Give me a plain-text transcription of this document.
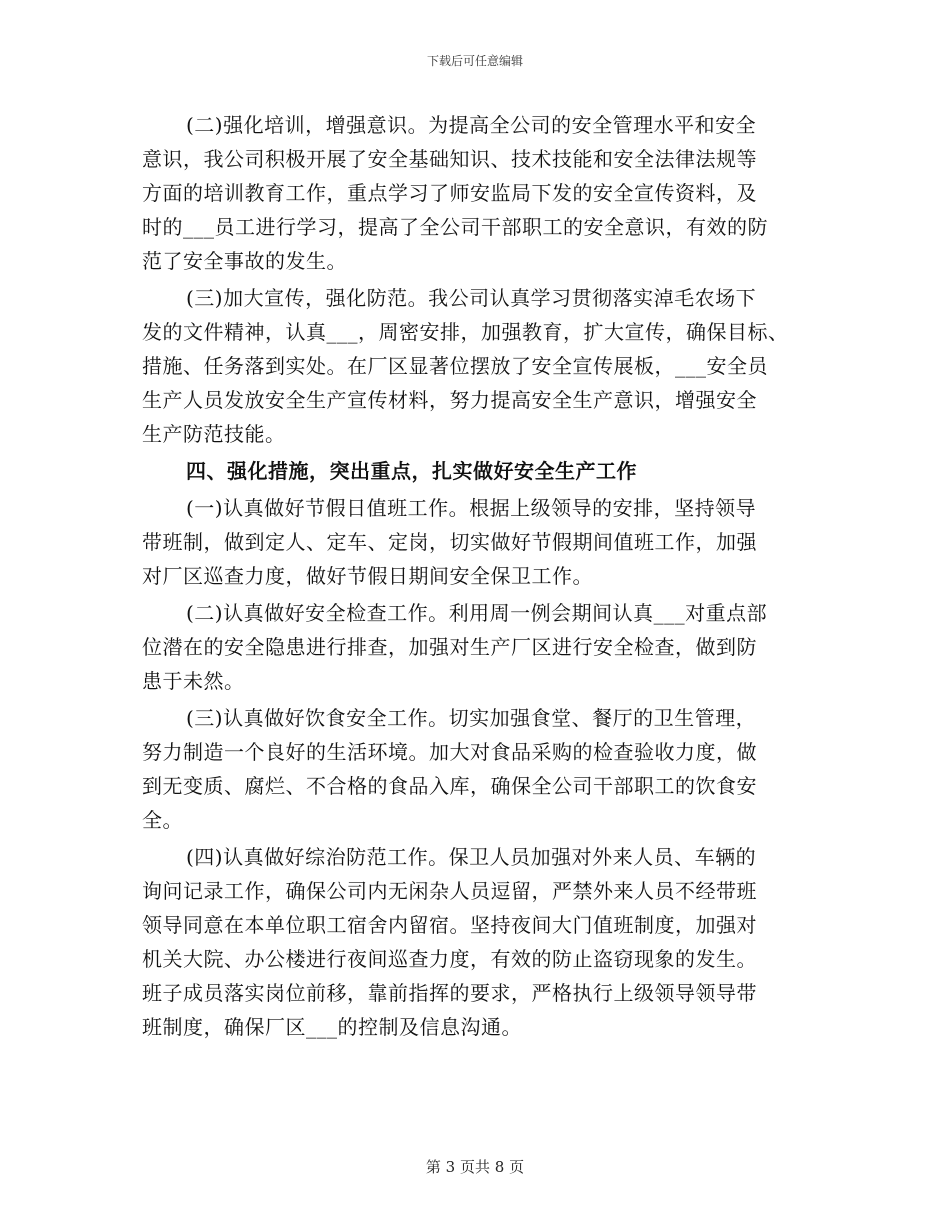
下载后可任意编辑
(二)强化培训，增强意识。为提高全公司的安全管理水平和安全
意识，我公司积极开展了安全基础知识、技术技能和安全法律法规等
方面的培训教育工作，重点学习了师安监局下发的安全宣传资料，及
时的___员工进行学习，提高了全公司干部职工的安全意识，有效的防
范了安全事故的发生。
(三)加大宣传，强化防范。我公司认真学习贯彻落实淖毛农场下
发的文件精神，认真___，周密安排，加强教育，扩大宣传，确保目标、
措施、任务落到实处。在厂区显著位摆放了安全宣传展板，___安全员
生产人员发放安全生产宣传材料，努力提高安全生产意识，增强安全
生产防范技能。
四、强化措施，突出重点，扎实做好安全生产工作
(一)认真做好节假日值班工作。根据上级领导的安排，坚持领导
带班制，做到定人、定车、定岗，切实做好节假期间值班工作，加强
对厂区巡查力度，做好节假日期间安全保卫工作。
(二)认真做好安全检查工作。利用周一例会期间认真___对重点部
位潜在的安全隐患进行排查，加强对生产厂区进行安全检查，做到防
患于未然。
(三)认真做好饮食安全工作。切实加强食堂、餐厅的卫生管理，
努力制造一个良好的生活环境。加大对食品采购的检查验收力度，做
到无变质、腐烂、不合格的食品入库，确保全公司干部职工的饮食安
全。
(四)认真做好综治防范工作。保卫人员加强对外来人员、车辆的
询问记录工作，确保公司内无闲杂人员逗留，严禁外来人员不经带班
领导同意在本单位职工宿舍内留宿。坚持夜间大门值班制度，加强对
机关大院、办公楼进行夜间巡查力度，有效的防止盗窃现象的发生。
班子成员落实岗位前移，靠前指挥的要求，严格执行上级领导领导带
班制度，确保厂区___的控制及信息沟通。
第 3 页共 8 页
